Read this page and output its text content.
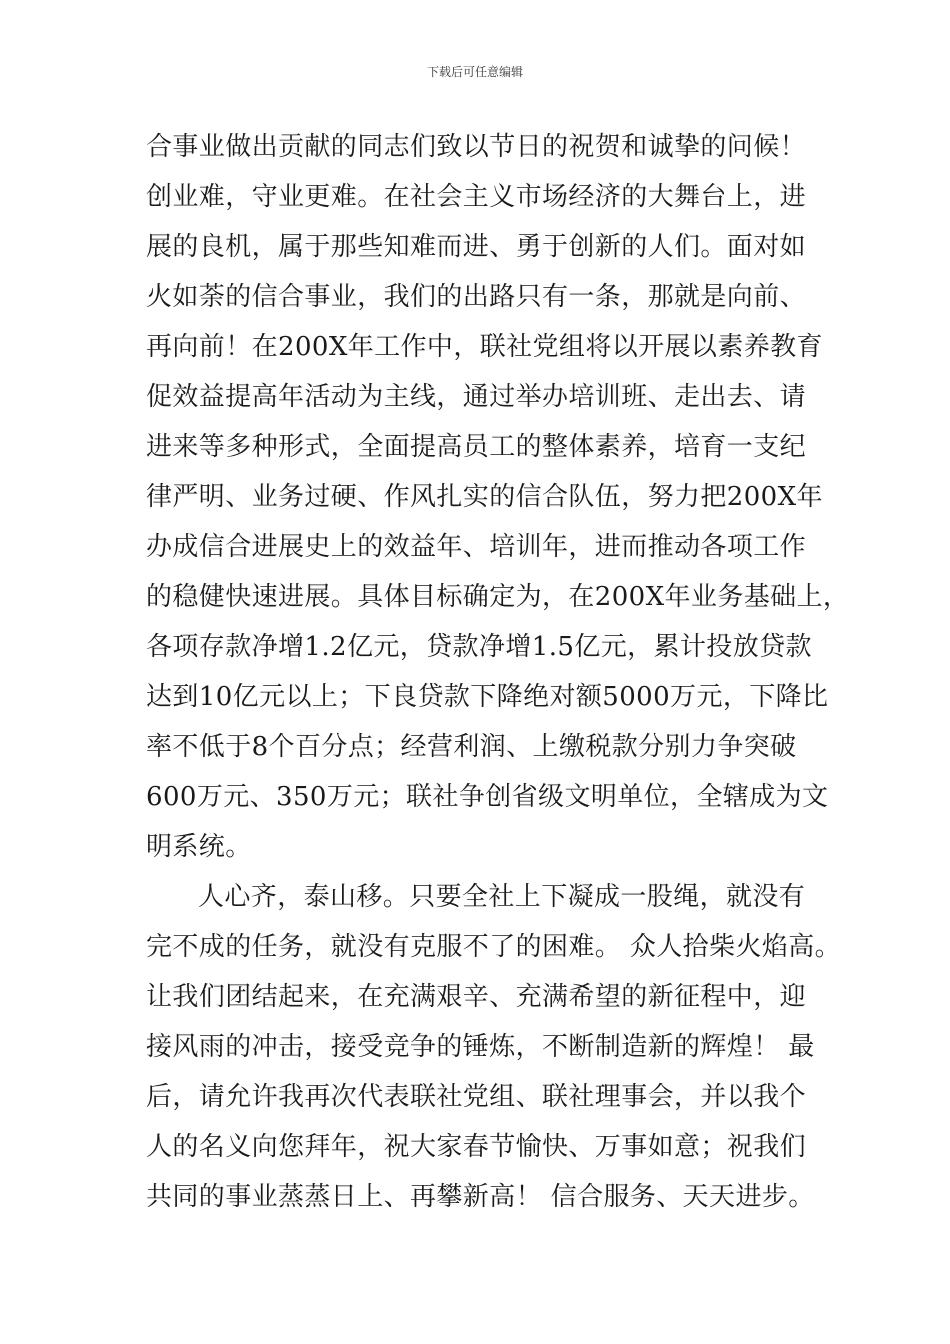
下载后可任意编辑
合事业做出贡献的同志们致以节日的祝贺和诚挚的问候！
创业难，守业更难。在社会主义市场经济的大舞台上，进
展的良机，属于那些知难而进、勇于创新的人们。面对如
火如荼的信合事业，我们的出路只有一条，那就是向前、
再向前！在200X年工作中，联社党组将以开展以素养教育
促效益提高年活动为主线，通过举办培训班、走出去、请
进来等多种形式，全面提高员工的整体素养，培育一支纪
律严明、业务过硬、作风扎实的信合队伍，努力把200X年
办成信合进展史上的效益年、培训年，进而推动各项工作
的稳健快速进展。具体目标确定为，在200X年业务基础上，
各项存款净增1.2亿元，贷款净增1.5亿元，累计投放贷款
达到10亿元以上；下良贷款下降绝对额5000万元，下降比
率不低于8个百分点；经营利润、上缴税款分别力争突破
600万元、350万元；联社争创省级文明单位，全辖成为文
明系统。
人心齐，泰山移。只要全社上下凝成一股绳，就没有
完不成的任务，就没有克服不了的困难。 众人拾柴火焰高。
让我们团结起来，在充满艰辛、充满希望的新征程中，迎
接风雨的冲击，接受竞争的锤炼，不断制造新的辉煌！ 最
后，请允许我再次代表联社党组、联社理事会，并以我个
人的名义向您拜年，祝大家春节愉快、万事如意；祝我们
共同的事业蒸蒸日上、再攀新高！ 信合服务、天天进步。
